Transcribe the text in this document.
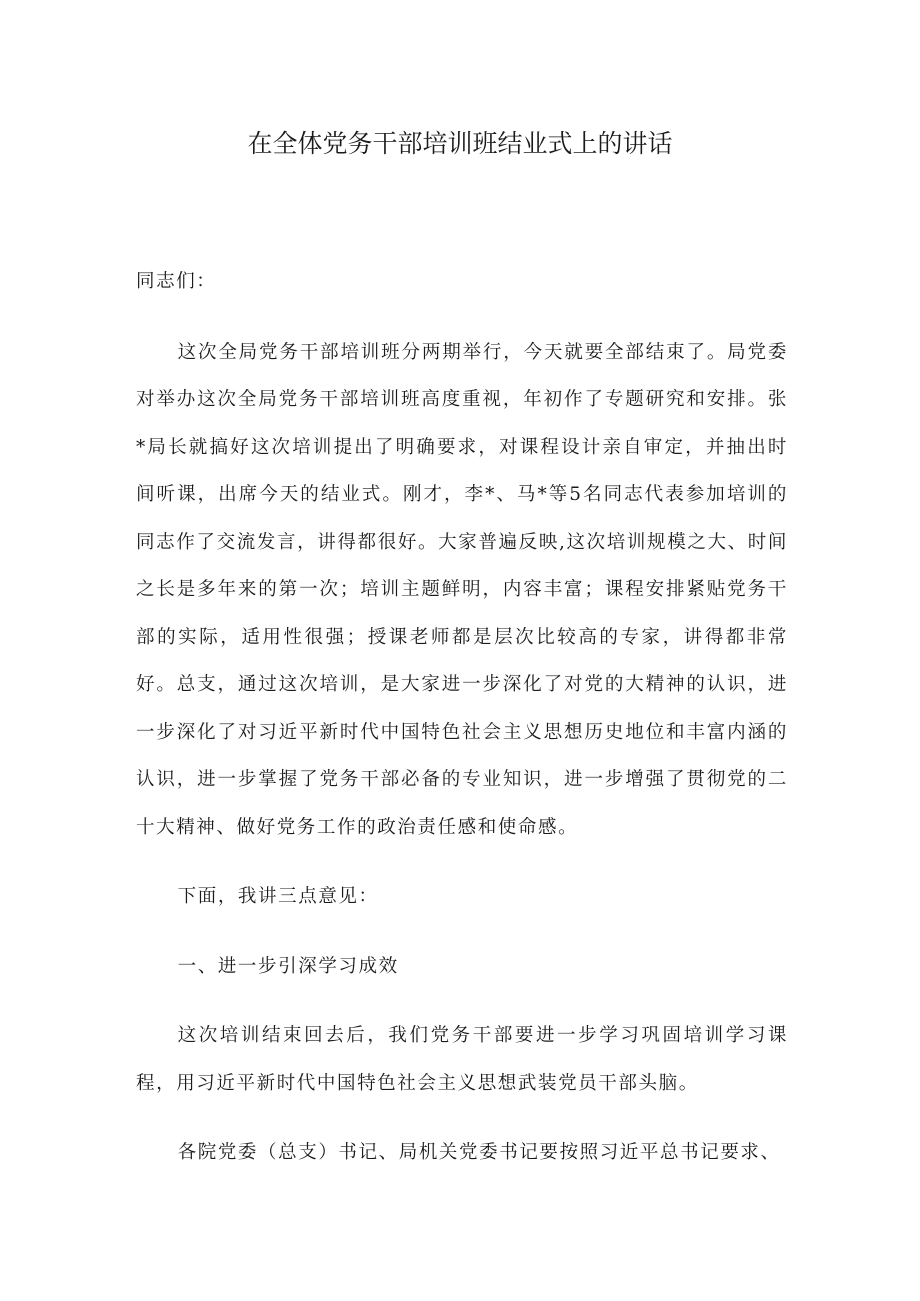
在全体党务干部培训班结业式上的讲话

同志们：

这次全局党务干部培训班分两期举行，今天就要全部结束了。局党委对举办这次全局党务干部培训班高度重视，年初作了专题研究和安排。张*局长就搞好这次培训提出了明确要求，对课程设计亲自审定，并抽出时间听课，出席今天的结业式。刚才，李*、马*等5名同志代表参加培训的同志作了交流发言，讲得都很好。大家普遍反映,这次培训规模之大、时间之长是多年来的第一次；培训主题鲜明，内容丰富；课程安排紧贴党务干部的实际，适用性很强；授课老师都是层次比较高的专家，讲得都非常好。总支，通过这次培训，是大家进一步深化了对党的大精神的认识，进一步深化了对习近平新时代中国特色社会主义思想历史地位和丰富内涵的认识，进一步掌握了党务干部必备的专业知识，进一步增强了贯彻党的二十大精神、做好党务工作的政治责任感和使命感。

下面，我讲三点意见：

一、进一步引深学习成效

这次培训结束回去后，我们党务干部要进一步学习巩固培训学习课程，用习近平新时代中国特色社会主义思想武装党员干部头脑。

各院党委（总支）书记、局机关党委书记要按照习近平总书记要求、
